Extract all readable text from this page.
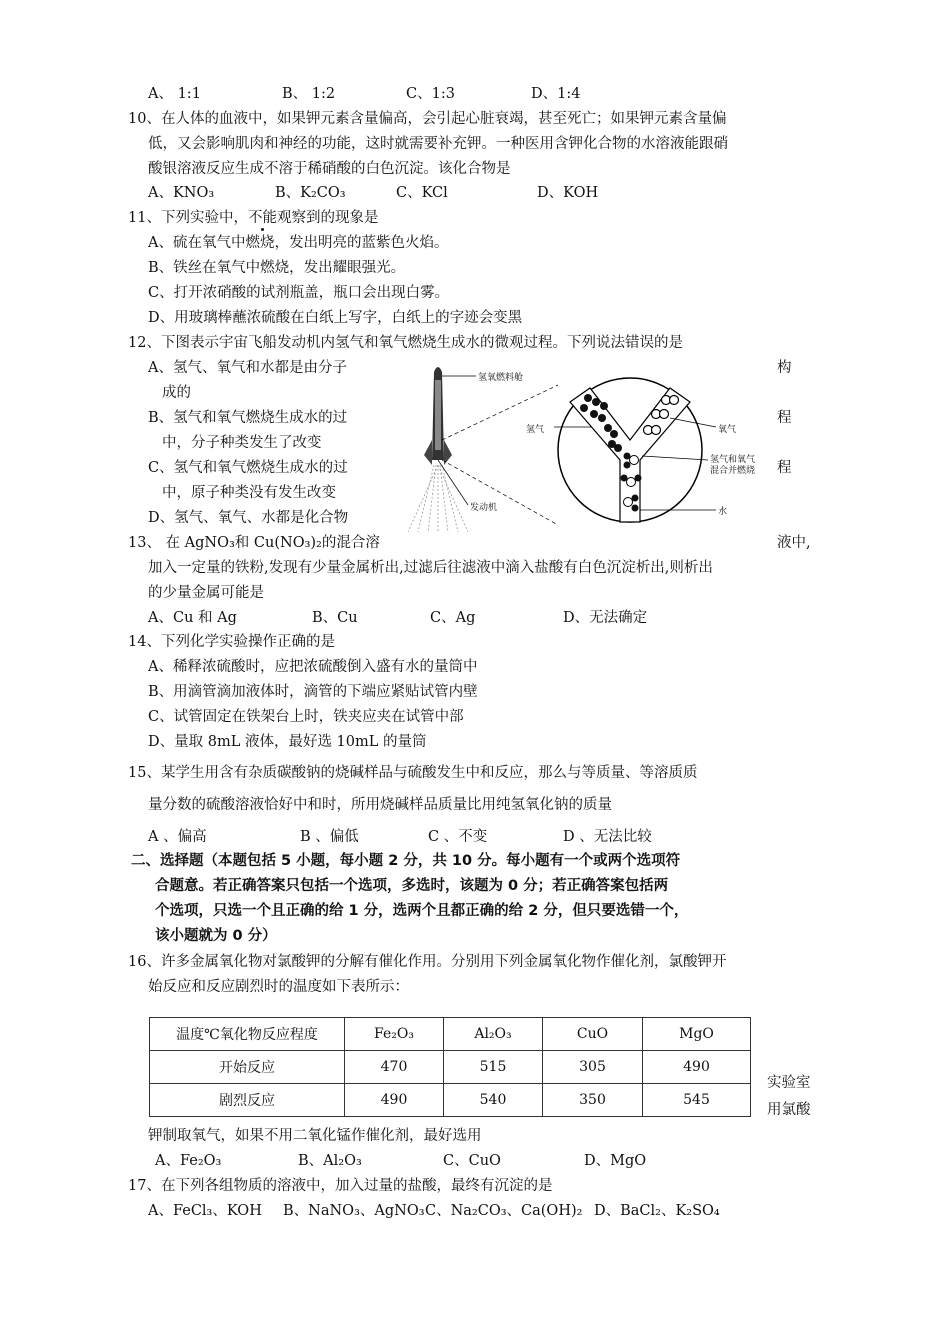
A、 1:1	B、 1:2	C、1:3	D、1:4
10、在人体的血液中，如果钾元素含量偏高，会引起心脏衰竭，甚至死亡；如果钾元素含量偏
低，又会影响肌肉和神经的功能，这时就需要补充钾。一种医用含钾化合物的水溶液能跟硝
酸银溶液反应生成不溶于稀硝酸的白色沉淀。该化合物是
A、KNO₃	B、K₂CO₃	C、KCl	D、KOH
11、下列实验中，不能观察到的现象是
A、硫在氧气中燃烧，发出明亮的蓝紫色火焰。
B、铁丝在氧气中燃烧，发出耀眼强光。
C、打开浓硝酸的试剂瓶盖，瓶口会出现白雾。
D、用玻璃棒蘸浓硫酸在白纸上写字，白纸上的字迹会变黑
12、下图表示宇宙飞船发动机内氢气和氧气燃烧生成水的微观过程。下列说法错误的是
A、氢气、氧气和水都是由分子	构
成的
B、氢气和氧气燃烧生成水的过	程
中，分子种类发生了改变
C、氢气和氧气燃烧生成水的过	程
中，原子种类没有发生改变
D、氢气、氧气、水都是化合物
氢氧燃料舱
发动机
氢气	氧气
氢气和氧气
混合并燃烧
水
13、 在 AgNO₃和 Cu(NO₃)₂的混合溶	液中,
加入一定量的铁粉,发现有少量金属析出,过滤后往滤液中滴入盐酸有白色沉淀析出,则析出
的少量金属可能是
A、Cu 和 Ag	B、Cu	C、Ag	D、无法确定
14、下列化学实验操作正确的是
A、稀释浓硫酸时，应把浓硫酸倒入盛有水的量筒中
B、用滴管滴加液体时，滴管的下端应紧贴试管内壁
C、试管固定在铁架台上时，铁夹应夹在试管中部
D、量取 8mL 液体，最好选 10mL 的量筒
15、某学生用含有杂质碳酸钠的烧碱样品与硫酸发生中和反应，那么与等质量、等溶质质
量分数的硫酸溶液恰好中和时，所用烧碱样品质量比用纯氢氧化钠的质量
A 、偏高	B 、偏低	C 、不变	D 、无法比较
二、选择题（本题包括 5 小题，每小题 2 分，共 10 分。每小题有一个或两个选项符
合题意。若正确答案只包括一个选项，多选时，该题为 0 分；若正确答案包括两
个选项，只选一个且正确的给 1 分，选两个且都正确的给 2 分，但只要选错一个，
该小题就为 0 分）
16、许多金属氧化物对氯酸钾的分解有催化作用。分别用下列金属氧化物作催化剂，氯酸钾开
始反应和反应剧烈时的温度如下表所示：
温度℃氧化物反应程度	Fe₂O₃	Al₂O₃	CuO	MgO
开始反应	470	515	305	490
剧烈反应	490	540	350	545
实验室
用氯酸
钾制取氧气，如果不用二氧化锰作催化剂，最好选用
A、Fe₂O₃	B、Al₂O₃	C、CuO	D、MgO
17、在下列各组物质的溶液中，加入过量的盐酸，最终有沉淀的是
A、FeCl₃、KOH B、NaNO₃、AgNO₃ C、Na₂CO₃、Ca(OH)₂ D、BaCl₂、K₂SO₄
